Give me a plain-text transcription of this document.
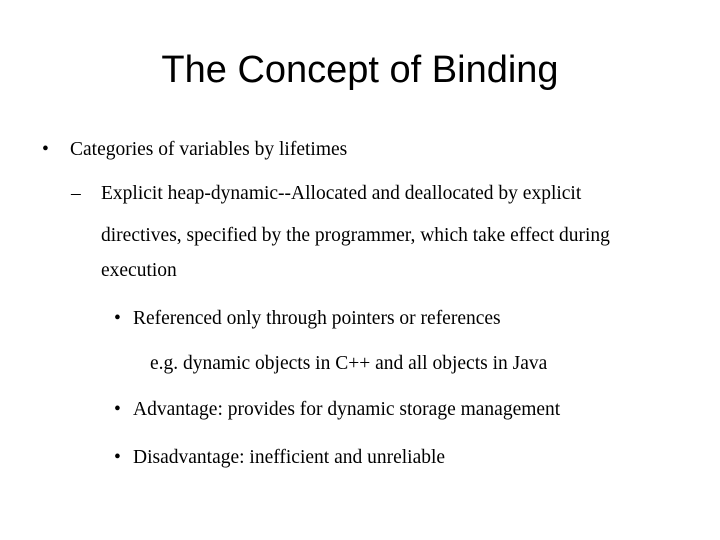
The Concept of Binding
• Categories of variables by lifetimes
– Explicit heap‑dynamic‑‑Allocated and deallocated by explicit
directives, specified by the programmer, which take effect during
execution
• Referenced only through pointers or references
e.g. dynamic objects in C++ and all objects in Java
• Advantage: provides for dynamic storage management
• Disadvantage: inefficient and unreliable
